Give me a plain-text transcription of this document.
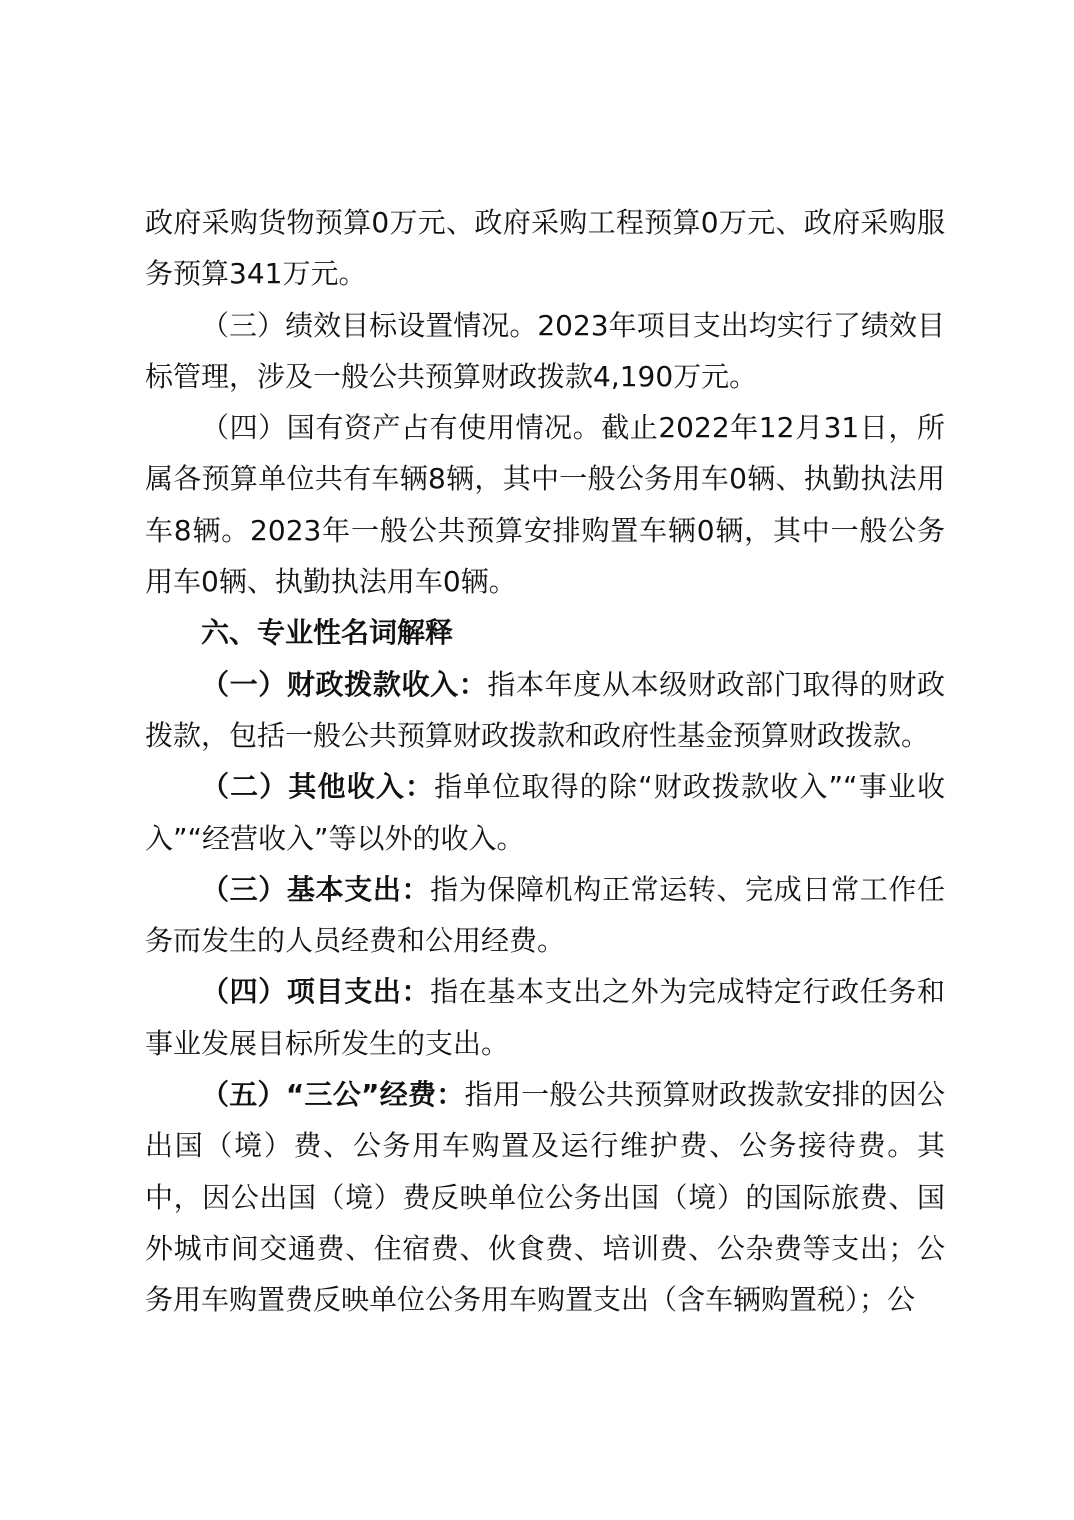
政府采购货物预算0万元、政府采购工程预算0万元、政府采购服务预算341万元。

（三）绩效目标设置情况。2023年项目支出均实行了绩效目标管理，涉及一般公共预算财政拨款4,190万元。

（四）国有资产占有使用情况。截止2022年12月31日，所属各预算单位共有车辆8辆，其中一般公务用车0辆、执勤执法用车8辆。2023年一般公共预算安排购置车辆0辆，其中一般公务用车0辆、执勤执法用车0辆。

六、专业性名词解释

（一）财政拨款收入：指本年度从本级财政部门取得的财政拨款，包括一般公共预算财政拨款和政府性基金预算财政拨款。

（二）其他收入：指单位取得的除“财政拨款收入”“事业收入”“经营收入”等以外的收入。

（三）基本支出：指为保障机构正常运转、完成日常工作任务而发生的人员经费和公用经费。

（四）项目支出：指在基本支出之外为完成特定行政任务和事业发展目标所发生的支出。

（五）“三公”经费：指用一般公共预算财政拨款安排的因公出国（境）费、公务用车购置及运行维护费、公务接待费。其中，因公出国（境）费反映单位公务出国（境）的国际旅费、国外城市间交通费、住宿费、伙食费、培训费、公杂费等支出；公务用车购置费反映单位公务用车购置支出（含车辆购置税）；公
